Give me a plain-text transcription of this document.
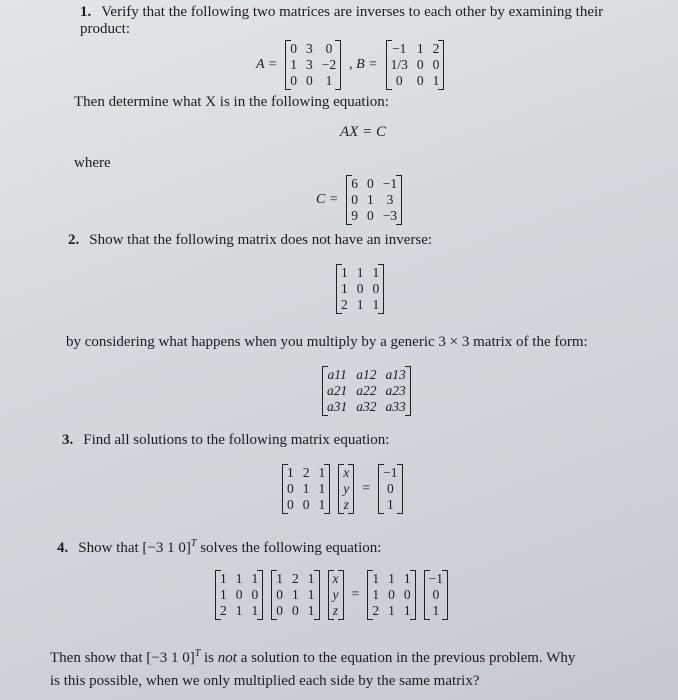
1. Verify that the following two matrices are inverses to each other by examining their
product:
A =
0 3 0
1 3 −2
0 0 1
, B =
−1 1 2
1/3 0 0
0	0 1
Then determine what X is in the following equation:
AX = C
where
C =
6 0 −1
0 1 3
9 0 −3
2. Show that the following matrix does not have an inverse:
1 1 1
1 0 0
2 1 1
by considering what happens when you multiply by a generic 3 × 3 matrix of the form:
a11 a12 a13
a21 a22 a23
a31 a32 a33
3. Find all solutions to the following matrix equation:
1 2 1
0 1 1
0 0 1
x
y
z
=
−1
0
1
4. Show that [−3 1 0]$^T$ solves the following equation:
1 1 1
1 0 0
2 1 1
1 2 1
0 1 1
0 0 1
x
y
z
=
1 1 1
1 0 0
2 1 1
−1
0
1
Then show that [−3 1 0]$^T$ is not a solution to the equation in the previous problem. Why
is this possible, when we only multiplied each side by the same matrix?
